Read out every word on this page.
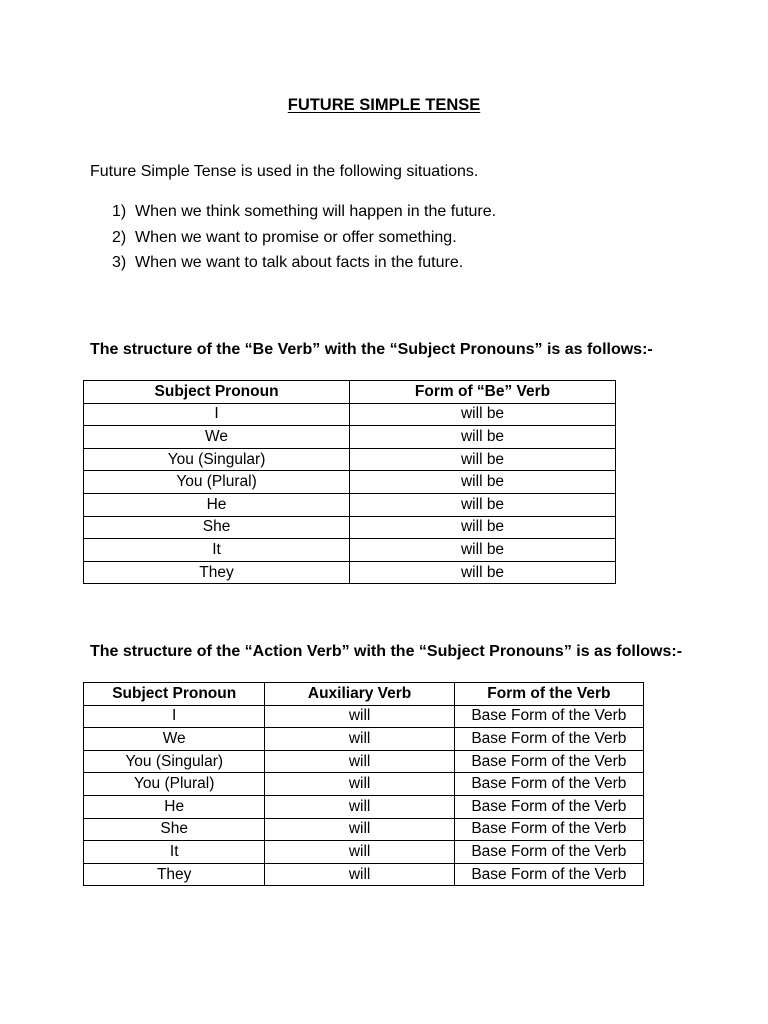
FUTURE SIMPLE TENSE
Future Simple Tense is used in the following situations.
1) When we think something will happen in the future.
2) When we want to promise or offer something.
3) When we want to talk about facts in the future.
The structure of the “Be Verb” with the “Subject Pronouns” is as follows:-
Subject Pronoun	Form of “Be” Verb
I	will be
We	will be
You (Singular)	will be
You (Plural)	will be
He	will be
She	will be
It	will be
They	will be
The structure of the “Action Verb” with the “Subject Pronouns” is as follows:-
Subject Pronoun	Auxiliary Verb	Form of the Verb
I	will	Base Form of the Verb
We	will	Base Form of the Verb
You (Singular)	will	Base Form of the Verb
You (Plural)	will	Base Form of the Verb
He	will	Base Form of the Verb
She	will	Base Form of the Verb
It	will	Base Form of the Verb
They	will	Base Form of the Verb
